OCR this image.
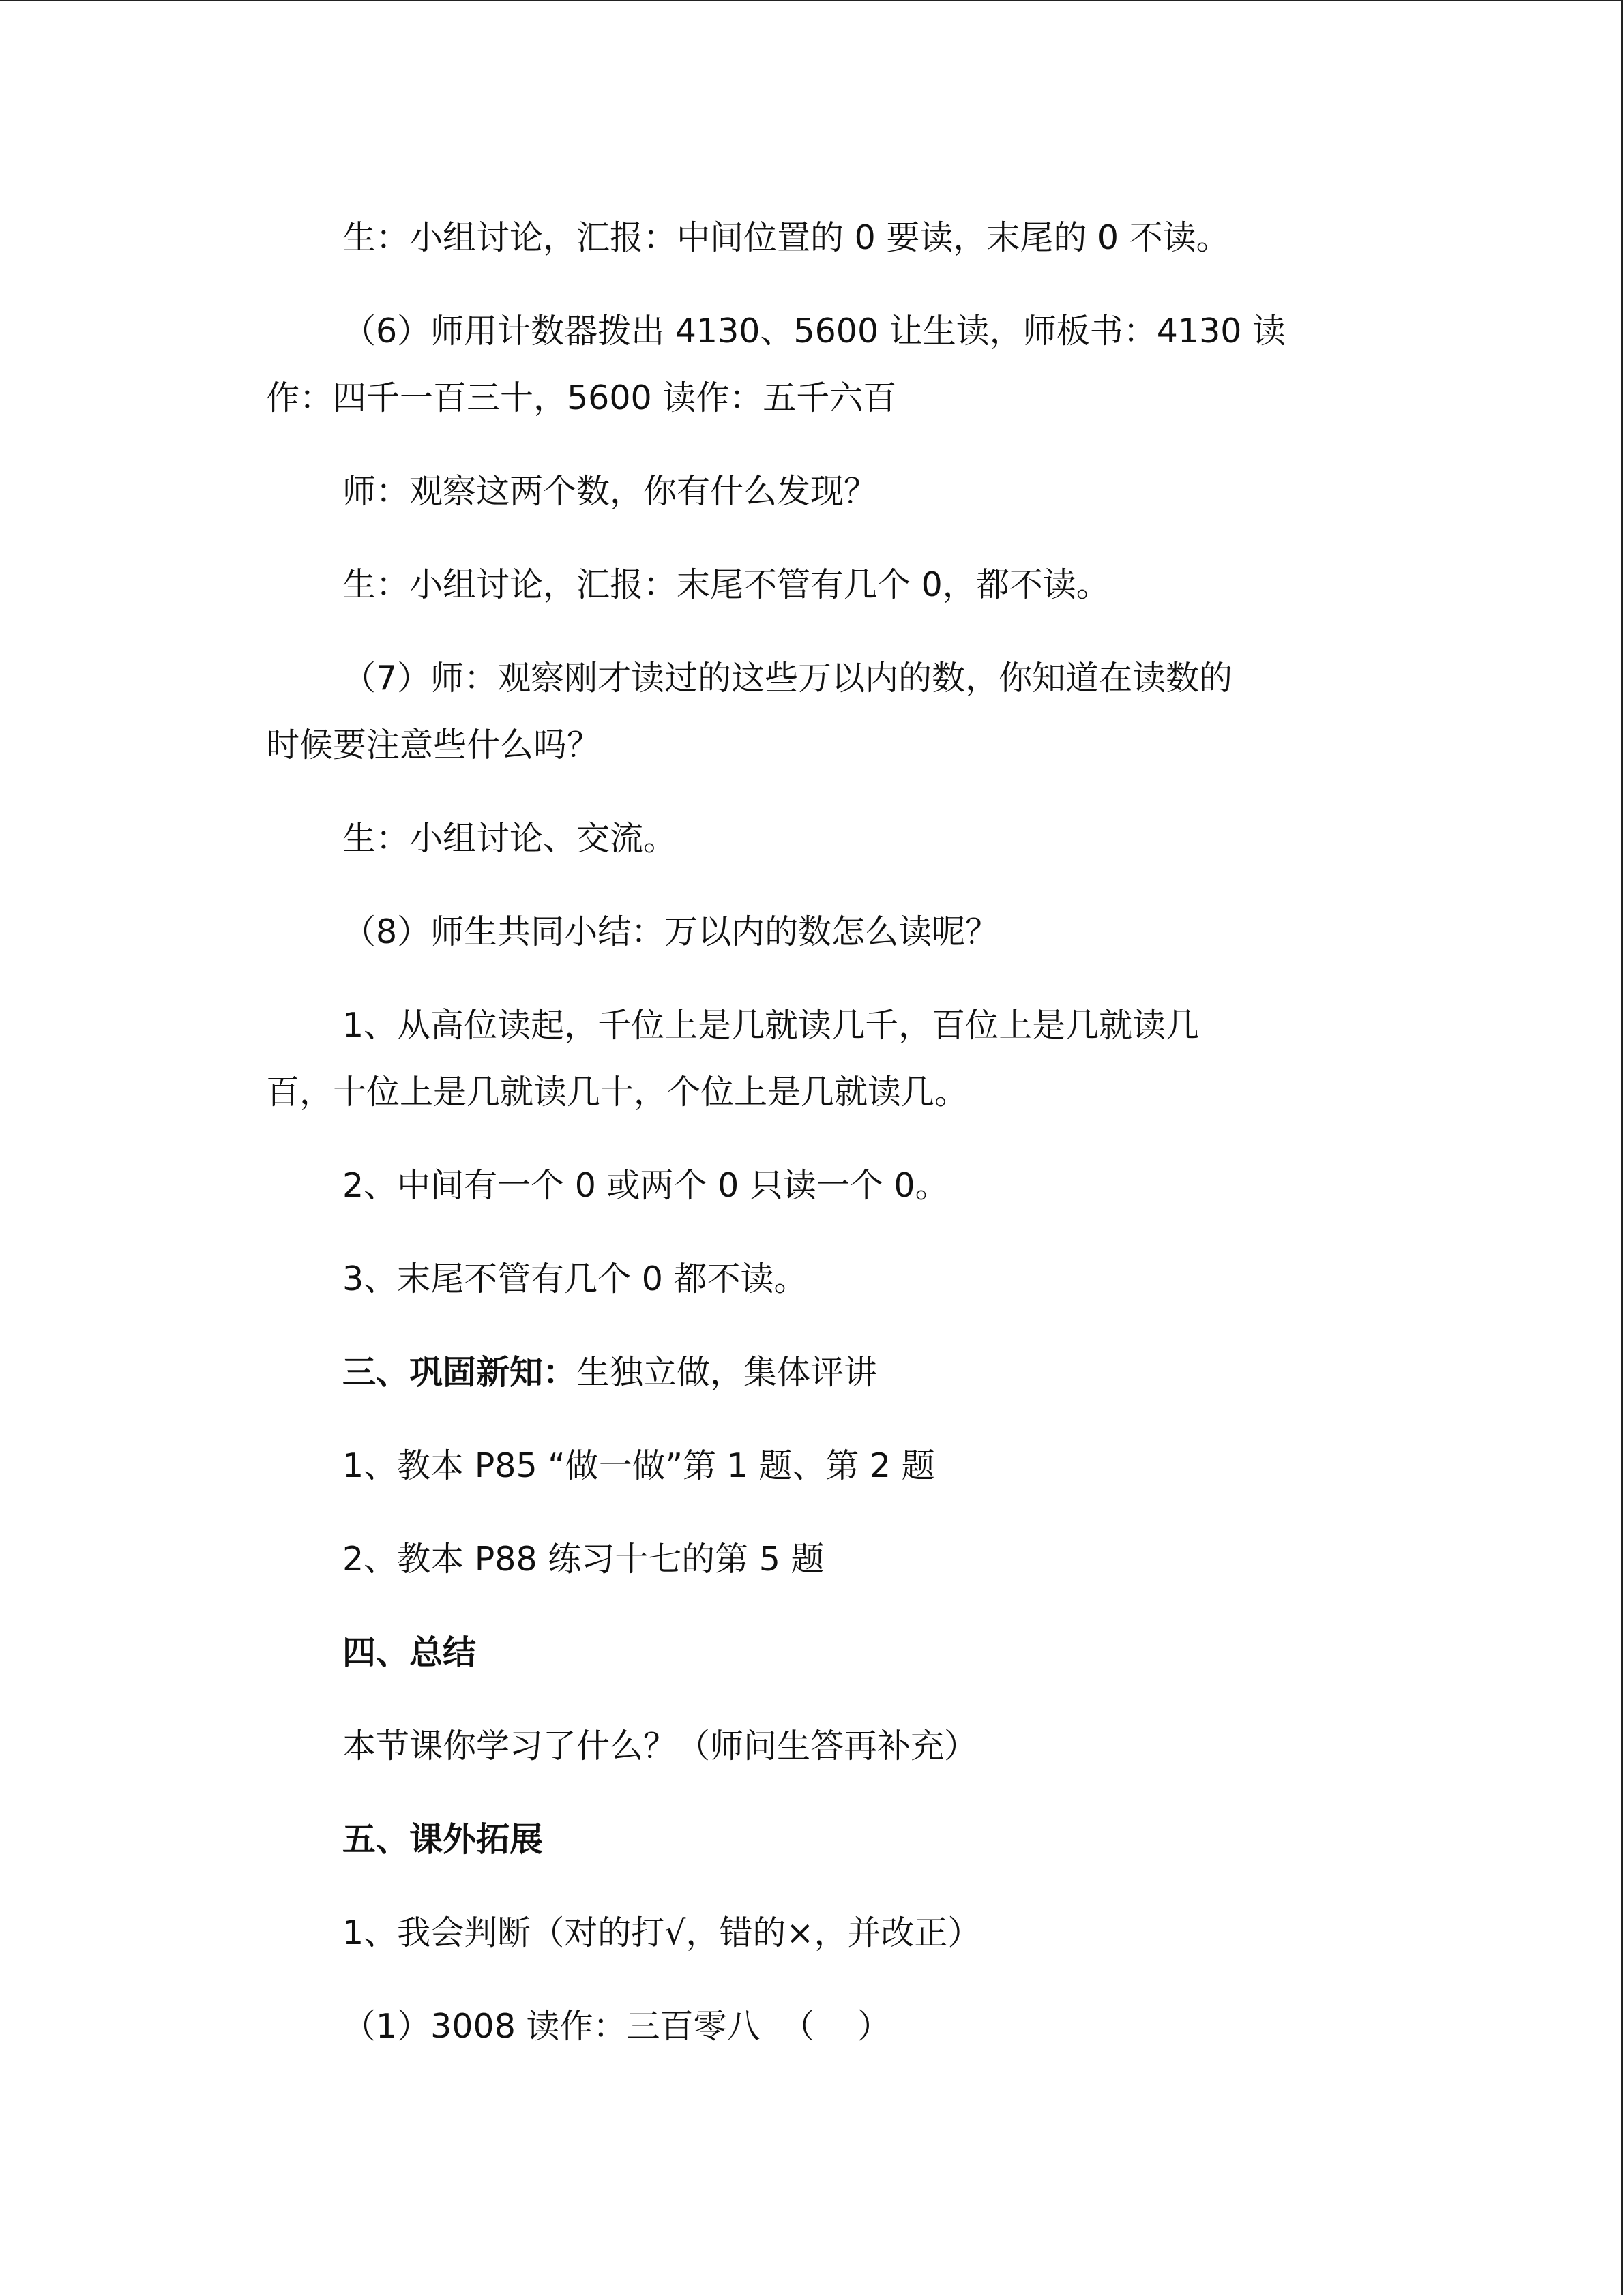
生：小组讨论，汇报：中间位置的 0 要读，末尾的 0 不读。

（6）师用计数器拨出 4130、5600 让生读，师板书：4130 读
作：四千一百三十，5600 读作：五千六百

师：观察这两个数，你有什么发现？

生：小组讨论，汇报：末尾不管有几个 0，都不读。

（7）师：观察刚才读过的这些万以内的数，你知道在读数的
时候要注意些什么吗？

生：小组讨论、交流。

（8）师生共同小结：万以内的数怎么读呢？

1、从高位读起，千位上是几就读几千，百位上是几就读几
百，十位上是几就读几十，个位上是几就读几。

2、中间有一个 0 或两个 0 只读一个 0。

3、末尾不管有几个 0 都不读。

三、巩固新知：生独立做，集体评讲

1、教本 P85 “做一做”第 1 题、第 2 题

2、教本 P88 练习十七的第 5 题

四、总结

本节课你学习了什么？（师问生答再补充）

五、课外拓展

1、我会判断（对的打√，错的×，并改正）

（1）3008 读作：三百零八  （    ）
